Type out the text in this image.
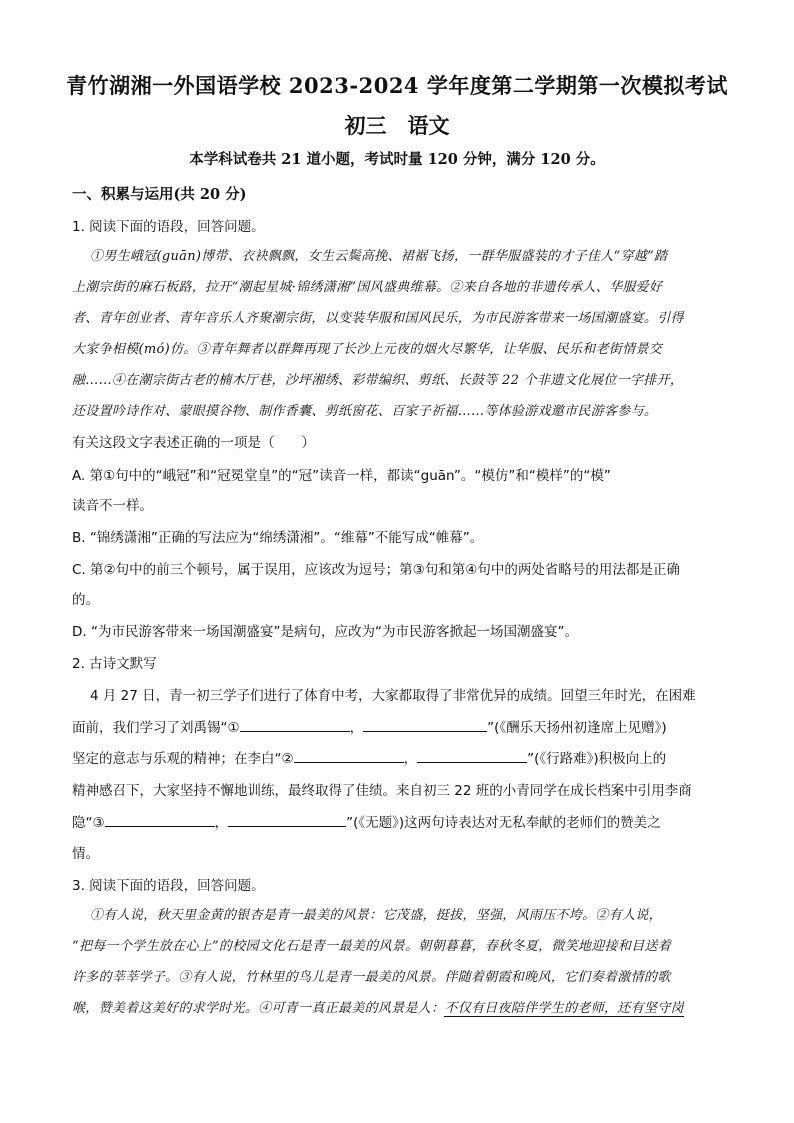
青竹湖湘一外国语学校 2023-2024 学年度第二学期第一次模拟考试
初三　语文
本学科试卷共 21 道小题，考试时量 120 分钟，满分 120 分。
一、积累与运用(共 20 分)
1. 阅读下面的语段，回答问题。
①男生峨冠(guān)博带、衣袂飘飘，女生云鬓高挽、裙裾飞扬，一群华服盛装的才子佳人“穿越”踏
上潮宗街的麻石板路，拉开“潮起星城·锦绣潇湘”国风盛典维幕。②来自各地的非遗传承人、华服爱好
者、青年创业者、青年音乐人齐聚潮宗街，以变装华服和国风民乐，为市民游客带来一场国潮盛宴。引得
大家争相模(mó)仿。③青年舞者以群舞再现了长沙上元夜的烟火尽繁华，让华服、民乐和老街情景交
融……④在潮宗街古老的楠木厅巷，沙坪湘绣、彩带编织、剪纸、长鼓等 22 个非遗文化展位一字排开，
还设置吟诗作对、蒙眼摸谷物、制作香囊、剪纸窗花、百家子祈福……等体验游戏邀市民游客参与。
有关这段文字表述正确的一项是（　　）
A. 第①句中的“峨冠”和“冠冕堂皇”的“冠”读音一样，都读“guān”。“模仿”和“模样”的“模”
读音不一样。
B. “锦绣潇湘”正确的写法应为“绵绣潇湘”。“维幕”不能写成“帷幕”。
C. 第②句中的前三个顿号，属于误用，应该改为逗号；第③句和第④句中的两处省略号的用法都是正确
的。
D. “为市民游客带来一场国潮盛宴”是病句，应改为“为市民游客掀起一场国潮盛宴”。
2. 古诗文默写
4 月 27 日，青一初三学子们进行了体育中考，大家都取得了非常优异的成绩。回望三年时光，在困难
面前，我们学习了刘禹锡“①	，	”(《酬乐天扬州初逢席上见赠》)
坚定的意志与乐观的精神；在李白“②	，	”(《行路难》)积极向上的
精神感召下，大家坚持不懈地训练，最终取得了佳绩。来自初三 22 班的小青同学在成长档案中引用李商
隐“③	，	”(《无题》)这两句诗表达对无私奉献的老师们的赞美之
情。
3. 阅读下面的语段，回答问题。
①有人说，秋天里金黄的银杏是青一最美的风景：它茂盛，挺拔，坚强，风雨压不垮。②有人说，
“把每一个学生放在心上”的校园文化石是青一最美的风景。朝朝暮暮，春秋冬夏，微笑地迎接和目送着
许多的莘莘学子。③有人说，竹林里的鸟儿是青一最美的风景。伴随着朝霞和晚风，它们奏着激情的歌
喉，赞美着这美好的求学时光。④可青一真正最美的风景是人：不仅有日夜陪伴学生的老师，还有坚守岗
